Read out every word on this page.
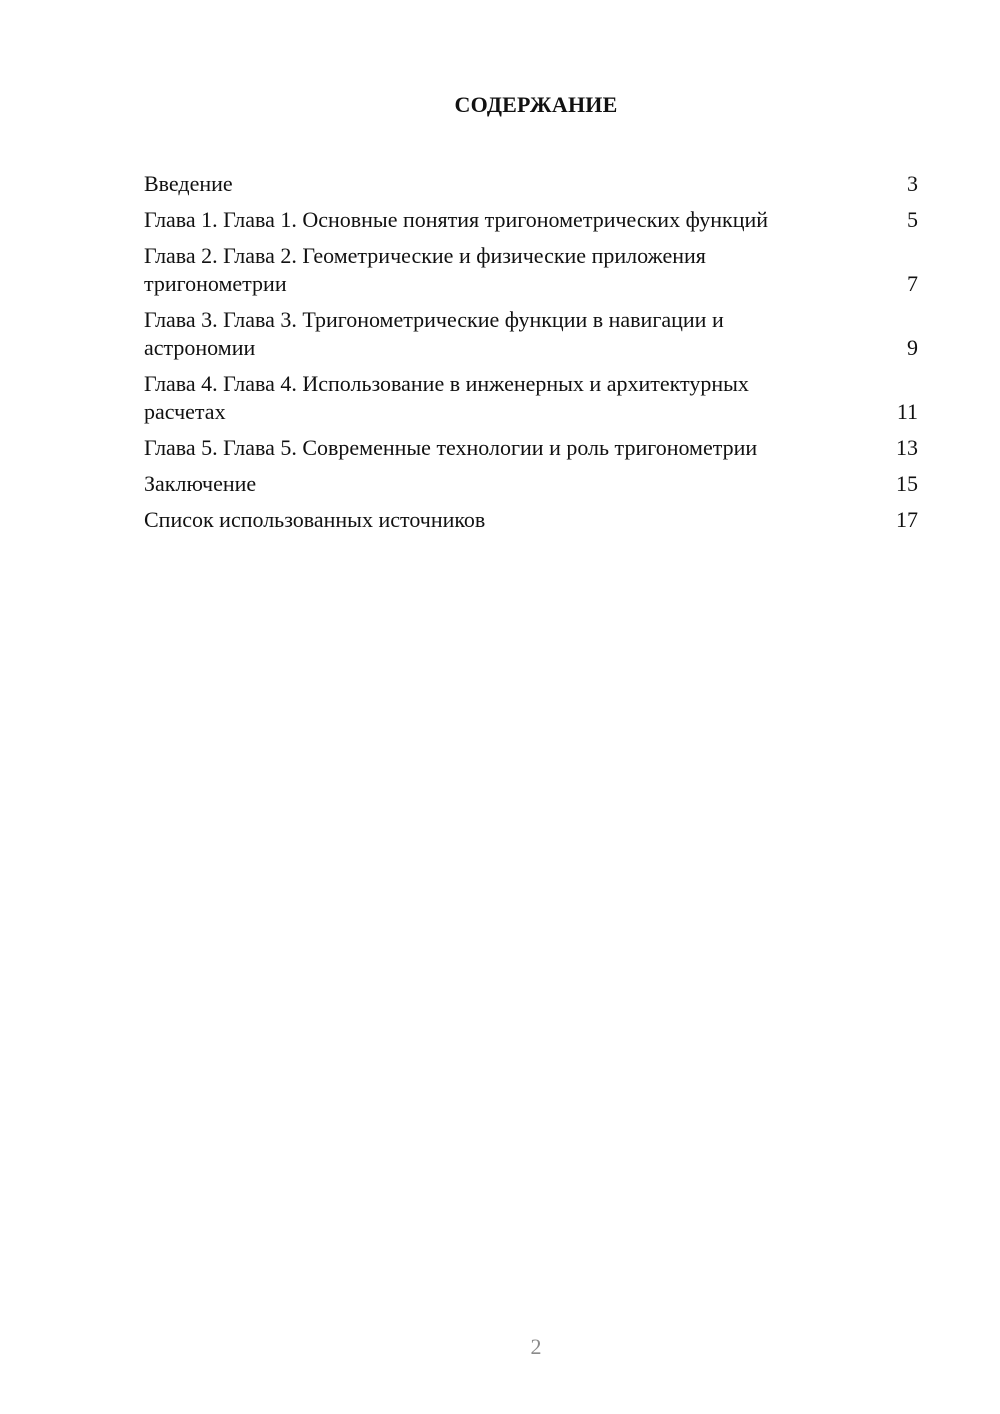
СОДЕРЖАНИЕ
Введение	3
Глава 1. Глава 1. Основные понятия тригонометрических функций	5
Глава 2. Глава 2. Геометрические и физические приложения тригонометрии	7
Глава 3. Глава 3. Тригонометрические функции в навигации и астрономии	9
Глава 4. Глава 4. Использование в инженерных и архитектурных расчетах	11
Глава 5. Глава 5. Современные технологии и роль тригонометрии	13
Заключение	15
Список использованных источников	17
2
